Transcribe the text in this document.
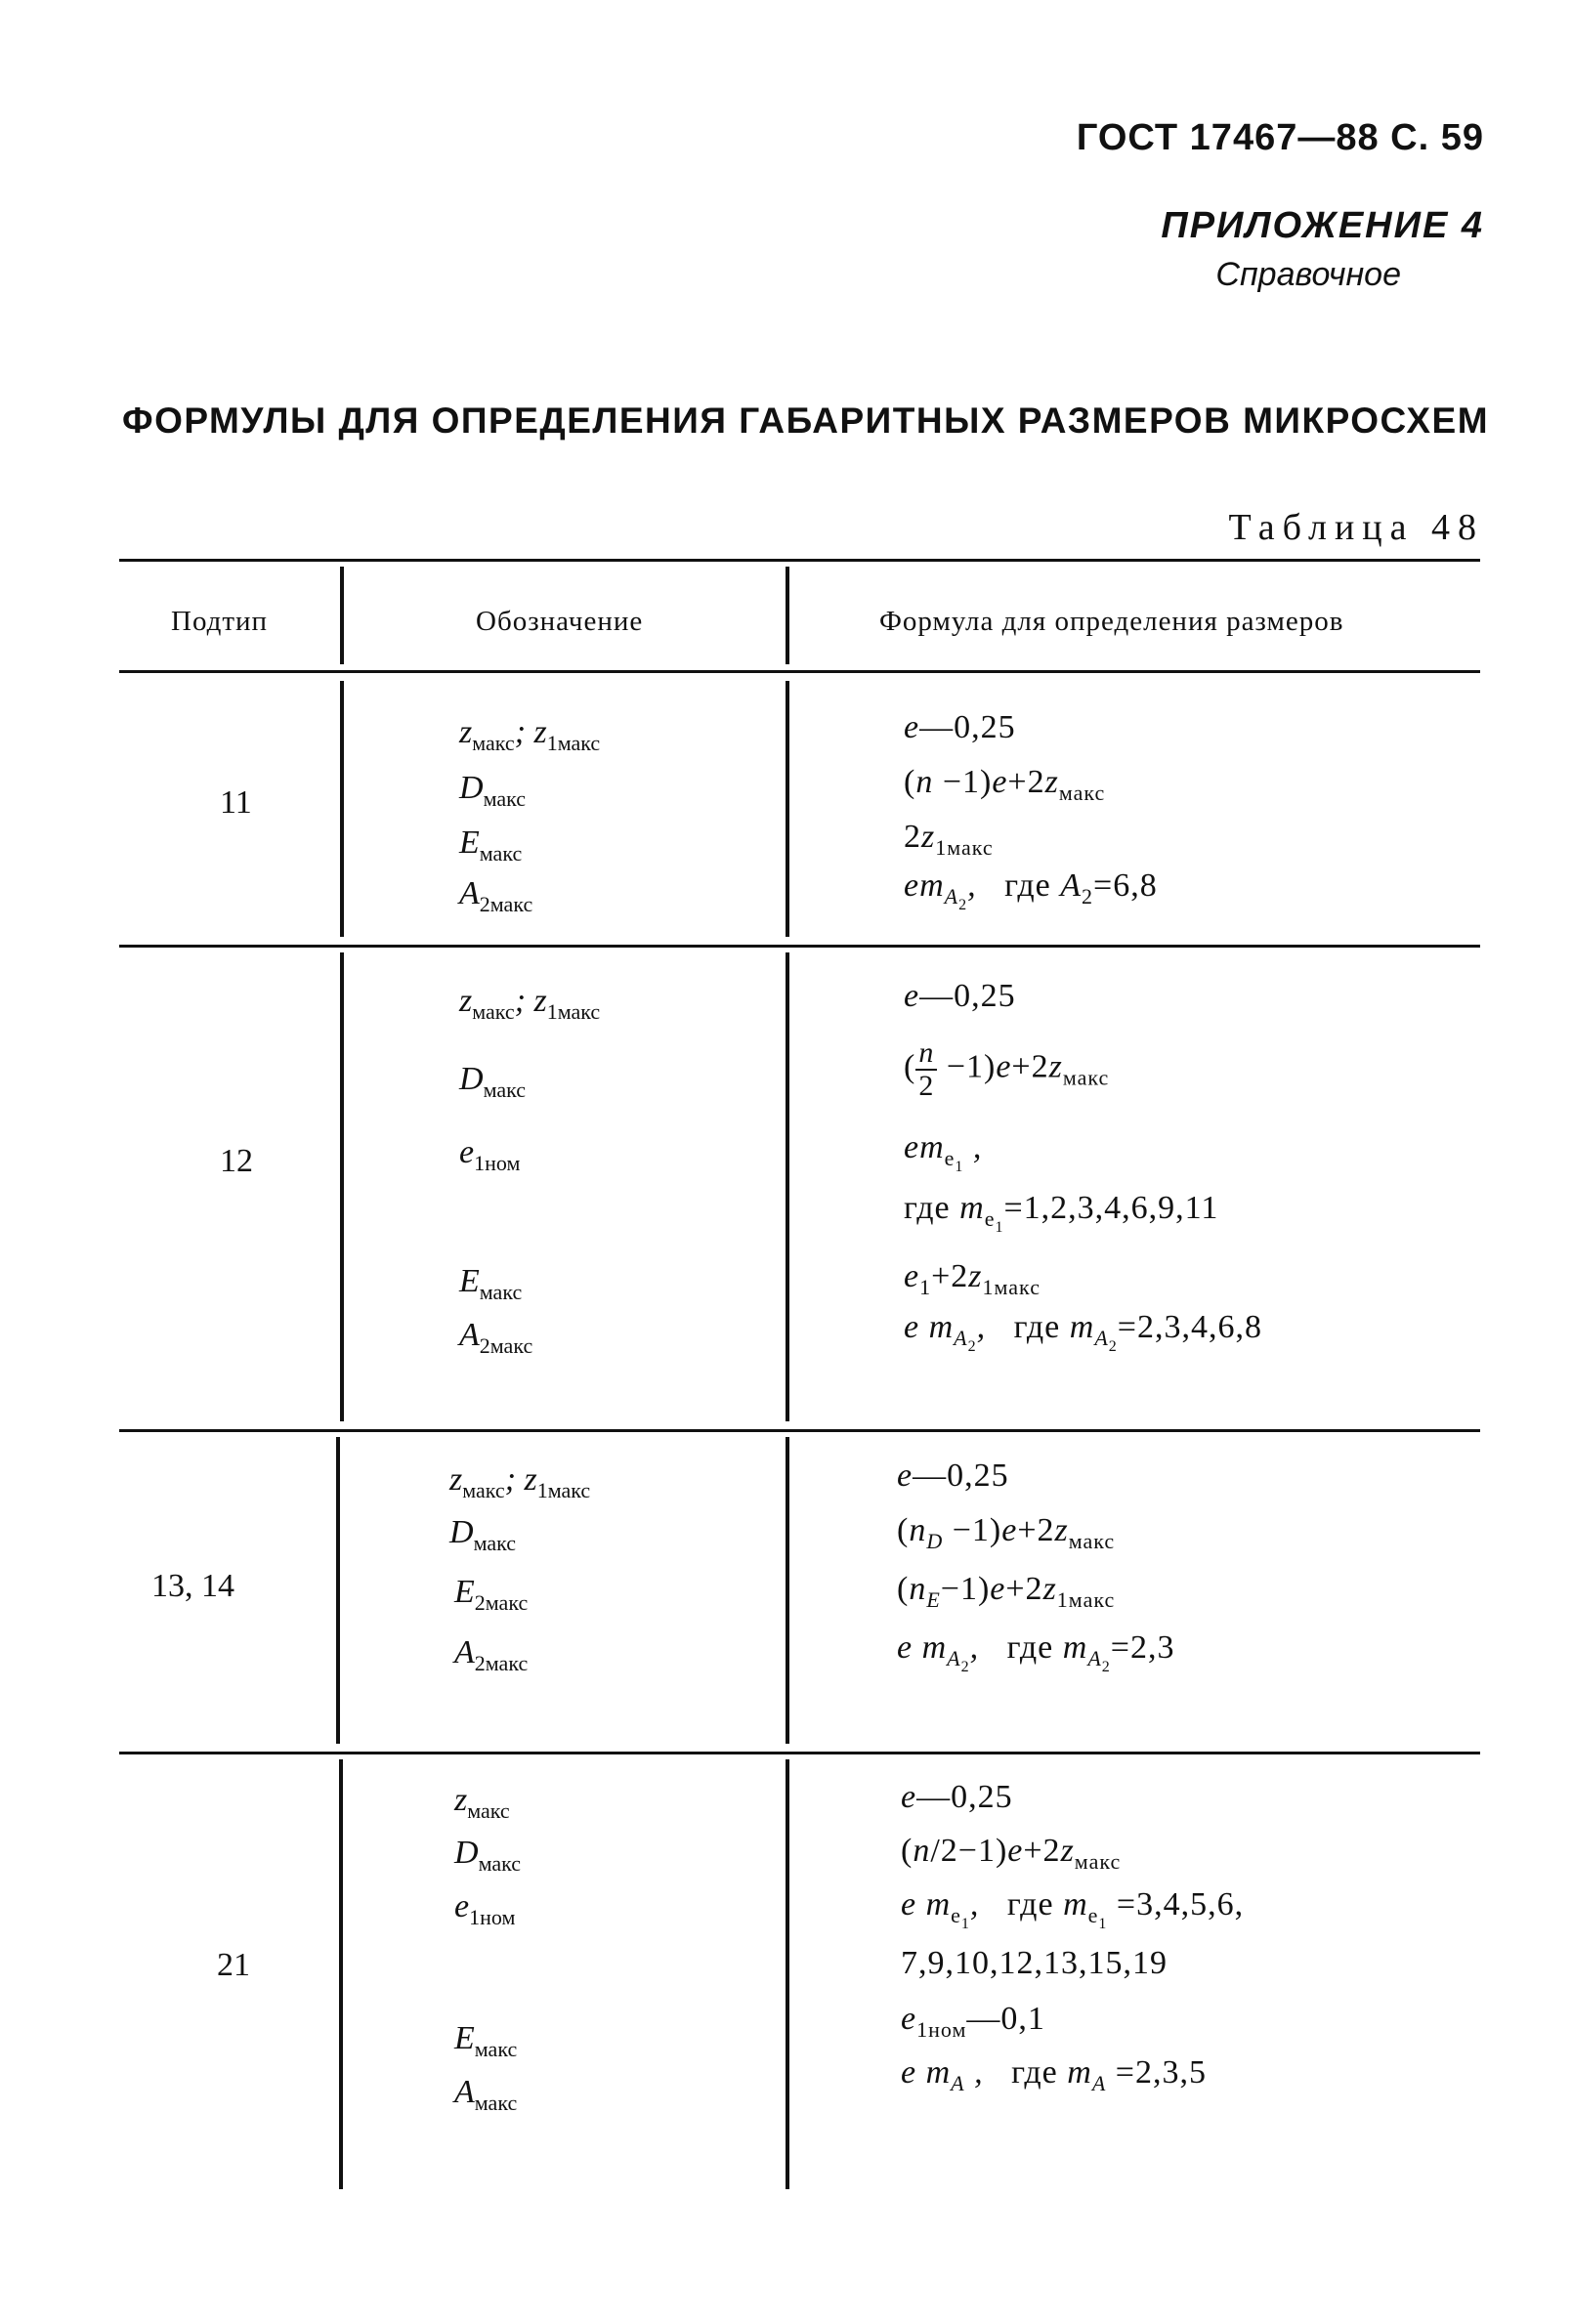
ГОСТ 17467—88 С. 59
ПРИЛОЖЕНИЕ 4
Справочное
ФОРМУЛЫ ДЛЯ ОПРЕДЕЛЕНИЯ ГАБАРИТНЫХ РАЗМЕРОВ МИКРОСХЕМ
Таблица 48
Подтип	Обозначение	Формула для определения размеров
11
12
13, 14
21
$z_{макс}$; $z_{1макс}$
$D_{макс}$
$E_{макс}$
$A_{2макс}$
e—0,25
$(n -1)e+2z_{макс}$
$2z_{1макс}$
$em_{A_2}$,   где $A_2=6,8$
$z_{макс}$; $z_{1макс}$
$D_{макс}$
$e_{1ном}$
$E_{макс}$
$A_{2макс}$
e—0,25
( $\frac{n}{2} -1)e+2z_{макс}$
$em_{e_1}$ ,
где $m_{e_1}=1,2,3,4,6,9,11$
$e_1+2z_{1макс}$
e $m_{A_2}$,   где $m_{A_2}=2,3,4,6,8$
$z_{макс}$; $z_{1макс}$
$D_{макс}$
$E_{2макс}$
$A_{2макс}$
e—0,25
$(n_D -1)e+2z_{макс}$
$(n_E-1)e+2z_{1макс}$
e $m_{A_2}$,   где $m_{A_2}=2,3$
$z_{макс}$
$D_{макс}$
$e_{1ном}$
$E_{макс}$
$A_{макс}$
e—0,25
$(n/2-1)e+2z_{макс}$
e $m_{e_1}$,   где $m_{e_1} =3,4,5,6$,
7,9,10,12,13,15,19
$e_{1ном}—0,1$
e $m_A$ ,   где $m_A =2,3,5$
